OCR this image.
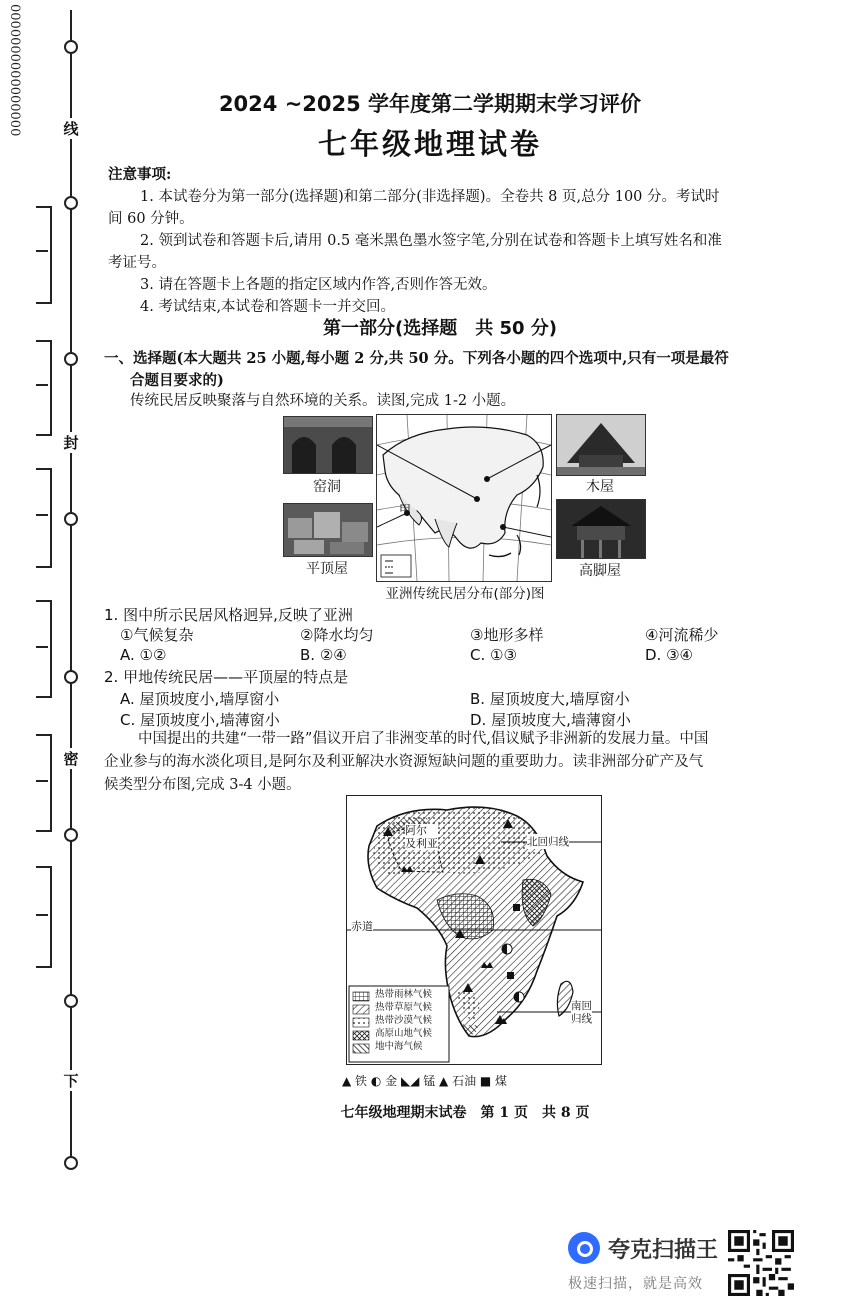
0000000000000000	线
封
密
下
2024 ~2025 学年度第二学期期末学习评价
七年级地理试卷
注意事项:
1. 本试卷分为第一部分(选择题)和第二部分(非选择题)。全卷共 8 页,总分 100 分。考试时
间 60 分钟。
2. 领到试卷和答题卡后,请用 0.5 毫米黑色墨水签字笔,分别在试卷和答题卡上填写姓名和准
考证号。
3. 请在答题卡上各题的指定区域内作答,否则作答无效。
4. 考试结束,本试卷和答题卡一并交回。
第一部分(选择题　共 50 分)
一、选择题(本大题共 25 小题,每小题 2 分,共 50 分。下列各小题的四个选项中,只有一项是最符
合题目要求的)
传统民居反映聚落与自然环境的关系。读图,完成 1-2 小题。
窑洞
平顶屋
木屋
高脚屋
甲
亚洲传统民居分布(部分)图
1. 图中所示民居风格迥异,反映了亚洲
①气候复杂	②降水均匀	③地形多样	④河流稀少
A. ①②	B. ②④	C. ①③	D. ③④
2. 甲地传统民居——平顶屋的特点是
A. 屋顶坡度小,墙厚窗小	B. 屋顶坡度大,墙厚窗小
C. 屋顶坡度小,墙薄窗小	D. 屋顶坡度大,墙薄窗小
中国提出的共建“一带一路”倡议开启了非洲变革的时代,倡议赋予非洲新的发展力量。中国
企业参与的海水淡化项目,是阿尔及利亚解决水资源短缺问题的重要助力。读非洲部分矿产及气
候类型分布图,完成 3-4 小题。
阿尔
及利亚	北回归线
赤道
南回
归线
热带雨林气候
热带草原气候
热带沙漠气候
高原山地气候
地中海气候
▲ 铁 ◐ 金 ◣◢ 锰 ▲ 石油 ■ 煤
七年级地理期末试卷　第 1 页　共 8 页
夸克扫描王
极速扫描，就是高效
